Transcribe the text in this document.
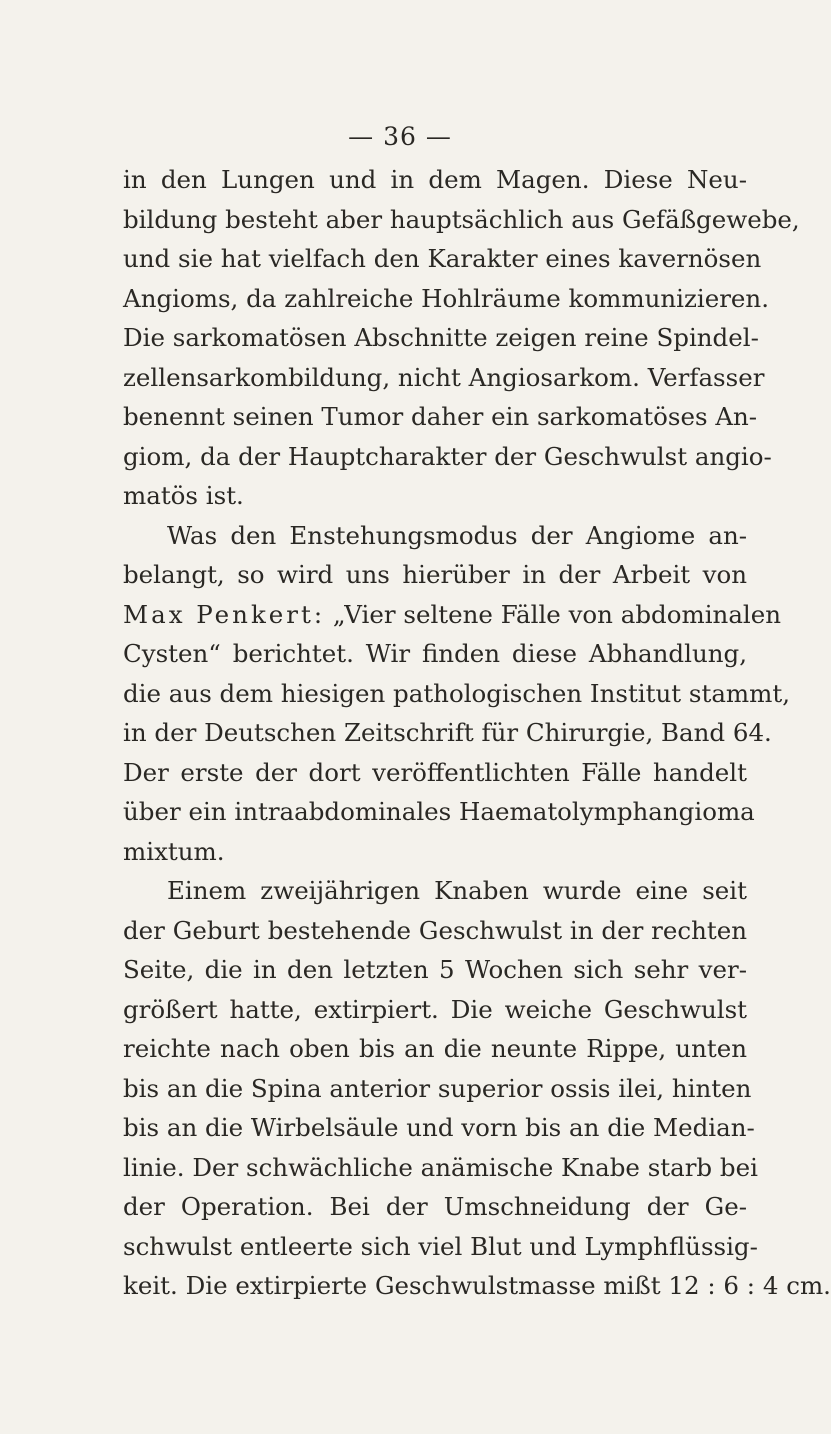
— 36 —
in den Lungen und in dem Magen. Diese Neu-
bildung besteht aber hauptsächlich aus Gefäßgewebe,
und sie hat vielfach den Karakter eines kavernösen
Angioms, da zahlreiche Hohlräume kommunizieren.
Die sarkomatösen Abschnitte zeigen reine Spindel-
zellensarkombildung, nicht Angiosarkom. Verfasser
benennt seinen Tumor daher ein sarkomatöses An-
giom, da der Hauptcharakter der Geschwulst angio-
matös ist.
Was den Enstehungsmodus der Angiome an-
belangt, so wird uns hierüber in der Arbeit von
Max Penkert: „Vier seltene Fälle von abdominalen
Cysten“ berichtet. Wir finden diese Abhandlung,
die aus dem hiesigen pathologischen Institut stammt,
in der Deutschen Zeitschrift für Chirurgie, Band 64.
Der erste der dort veröffentlichten Fälle handelt
über ein intraabdominales Haematolymphangioma
mixtum.
Einem zweijährigen Knaben wurde eine seit
der Geburt bestehende Geschwulst in der rechten
Seite, die in den letzten 5 Wochen sich sehr ver-
größert hatte, extirpiert. Die weiche Geschwulst
reichte nach oben bis an die neunte Rippe, unten
bis an die Spina anterior superior ossis ilei, hinten
bis an die Wirbelsäule und vorn bis an die Median-
linie. Der schwächliche anämische Knabe starb bei
der Operation. Bei der Umschneidung der Ge-
schwulst entleerte sich viel Blut und Lymphflüssig-
keit. Die extirpierte Geschwulstmasse mißt 12 : 6 : 4 cm.
